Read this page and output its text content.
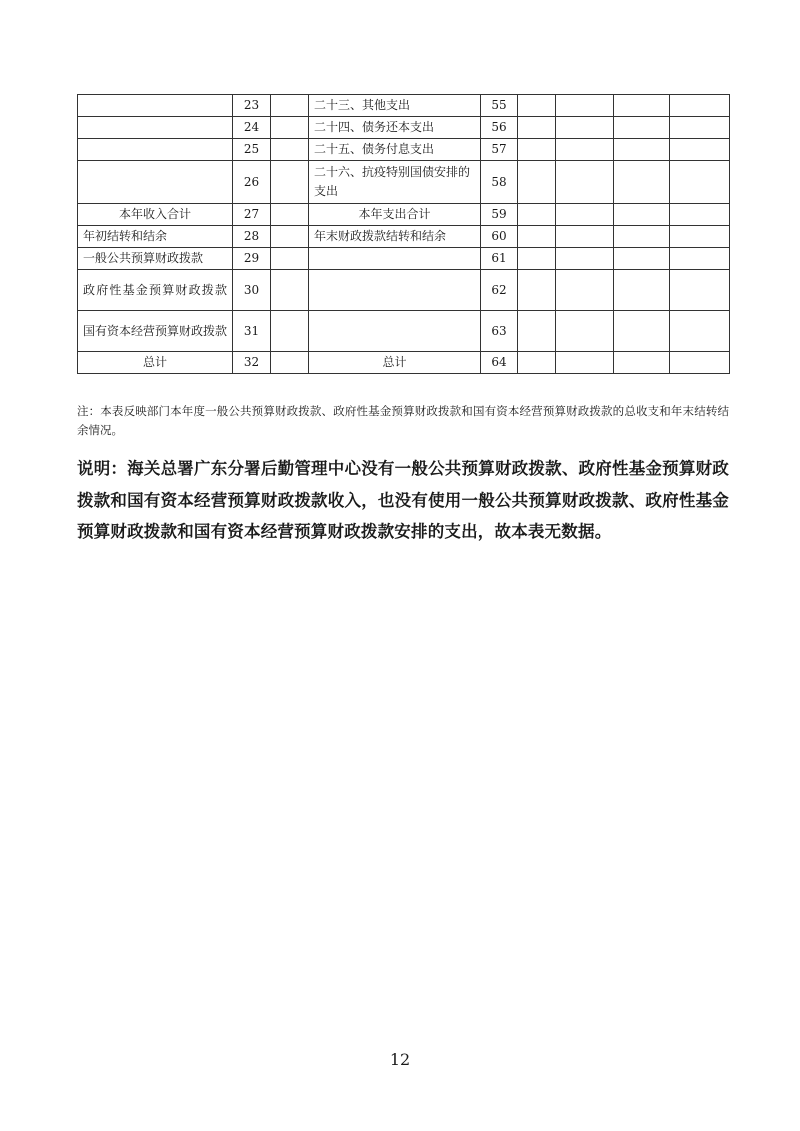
	23		二十三、其他支出	55				
	24		二十四、债务还本支出	56				
	25		二十五、债务付息支出	57				
	26		二十六、抗疫特别国债安排的支出	58				
本年收入合计	27		本年支出合计	59				
年初结转和结余	28		年末财政拨款结转和结余	60				
一般公共预算财政拨款	29			61				
政府性基金预算财政拨款	30			62				
国有资本经营预算财政拨款	31			63				
总计	32		总计	64				
注：本表反映部门本年度一般公共预算财政拨款、政府性基金预算财政拨款和国有资本经营预算财政拨款的总收支和年末结转结余情况。
说明：海关总署广东分署后勤管理中心没有一般公共预算财政拨款、政府性基金预算财政拨款和国有资本经营预算财政拨款收入，也没有使用一般公共预算财政拨款、政府性基金预算财政拨款和国有资本经营预算财政拨款安排的支出，故本表无数据。
12
